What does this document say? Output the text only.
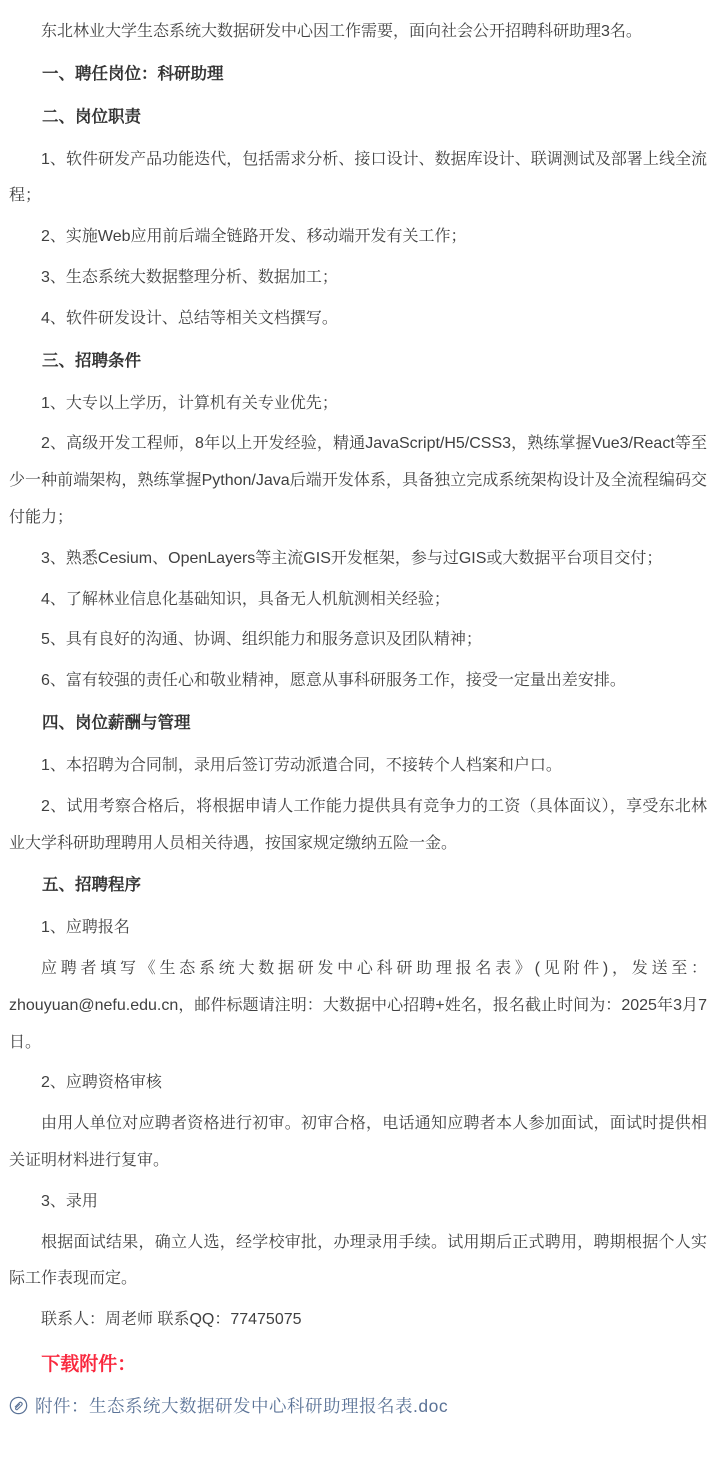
东北林业大学生态系统大数据研发中心因工作需要，面向社会公开招聘科研助理3名。

一、聘任岗位：科研助理
二、岗位职责

1、软件研发产品功能迭代，包括需求分析、接口设计、数据库设计、联调测试及部署上线全流程；

2、实施Web应用前后端全链路开发、移动端开发有关工作；

3、生态系统大数据整理分析、数据加工；

4、软件研发设计、总结等相关文档撰写。

三、招聘条件

1、大专以上学历，计算机有关专业优先；

2、高级开发工程师，8年以上开发经验，精通JavaScript/H5/CSS3，熟练掌握Vue3/React等至少一种前端架构，熟练掌握Python/Java后端开发体系，具备独立完成系统架构设计及全流程编码交付能力；

3、熟悉Cesium、OpenLayers等主流GIS开发框架，参与过GIS或大数据平台项目交付；

4、了解林业信息化基础知识，具备无人机航测相关经验；

5、具有良好的沟通、协调、组织能力和服务意识及团队精神；

6、富有较强的责任心和敬业精神，愿意从事科研服务工作，接受一定量出差安排。

四、岗位薪酬与管理

1、本招聘为合同制，录用后签订劳动派遣合同，不接转个人档案和户口。

2、试用考察合格后，将根据申请人工作能力提供具有竞争力的工资（具体面议），享受东北林业大学科研助理聘用人员相关待遇，按国家规定缴纳五险一金。

五、招聘程序

1、应聘报名

应聘者填写《生态系统大数据研发中心科研助理报名表》(见附件)，发送至：zhouyuan@nefu.edu.cn，邮件标题请注明：大数据中心招聘+姓名，报名截止时间为：2025年3月7日。

2、应聘资格审核

由用人单位对应聘者资格进行初审。初审合格，电话通知应聘者本人参加面试，面试时提供相关证明材料进行复审。

3、录用

根据面试结果，确立人选，经学校审批，办理录用手续。试用期后正式聘用，聘期根据个人实际工作表现而定。

联系人：周老师 联系QQ：77475075

下载附件：
附件：生态系统大数据研发中心科研助理报名表.doc
